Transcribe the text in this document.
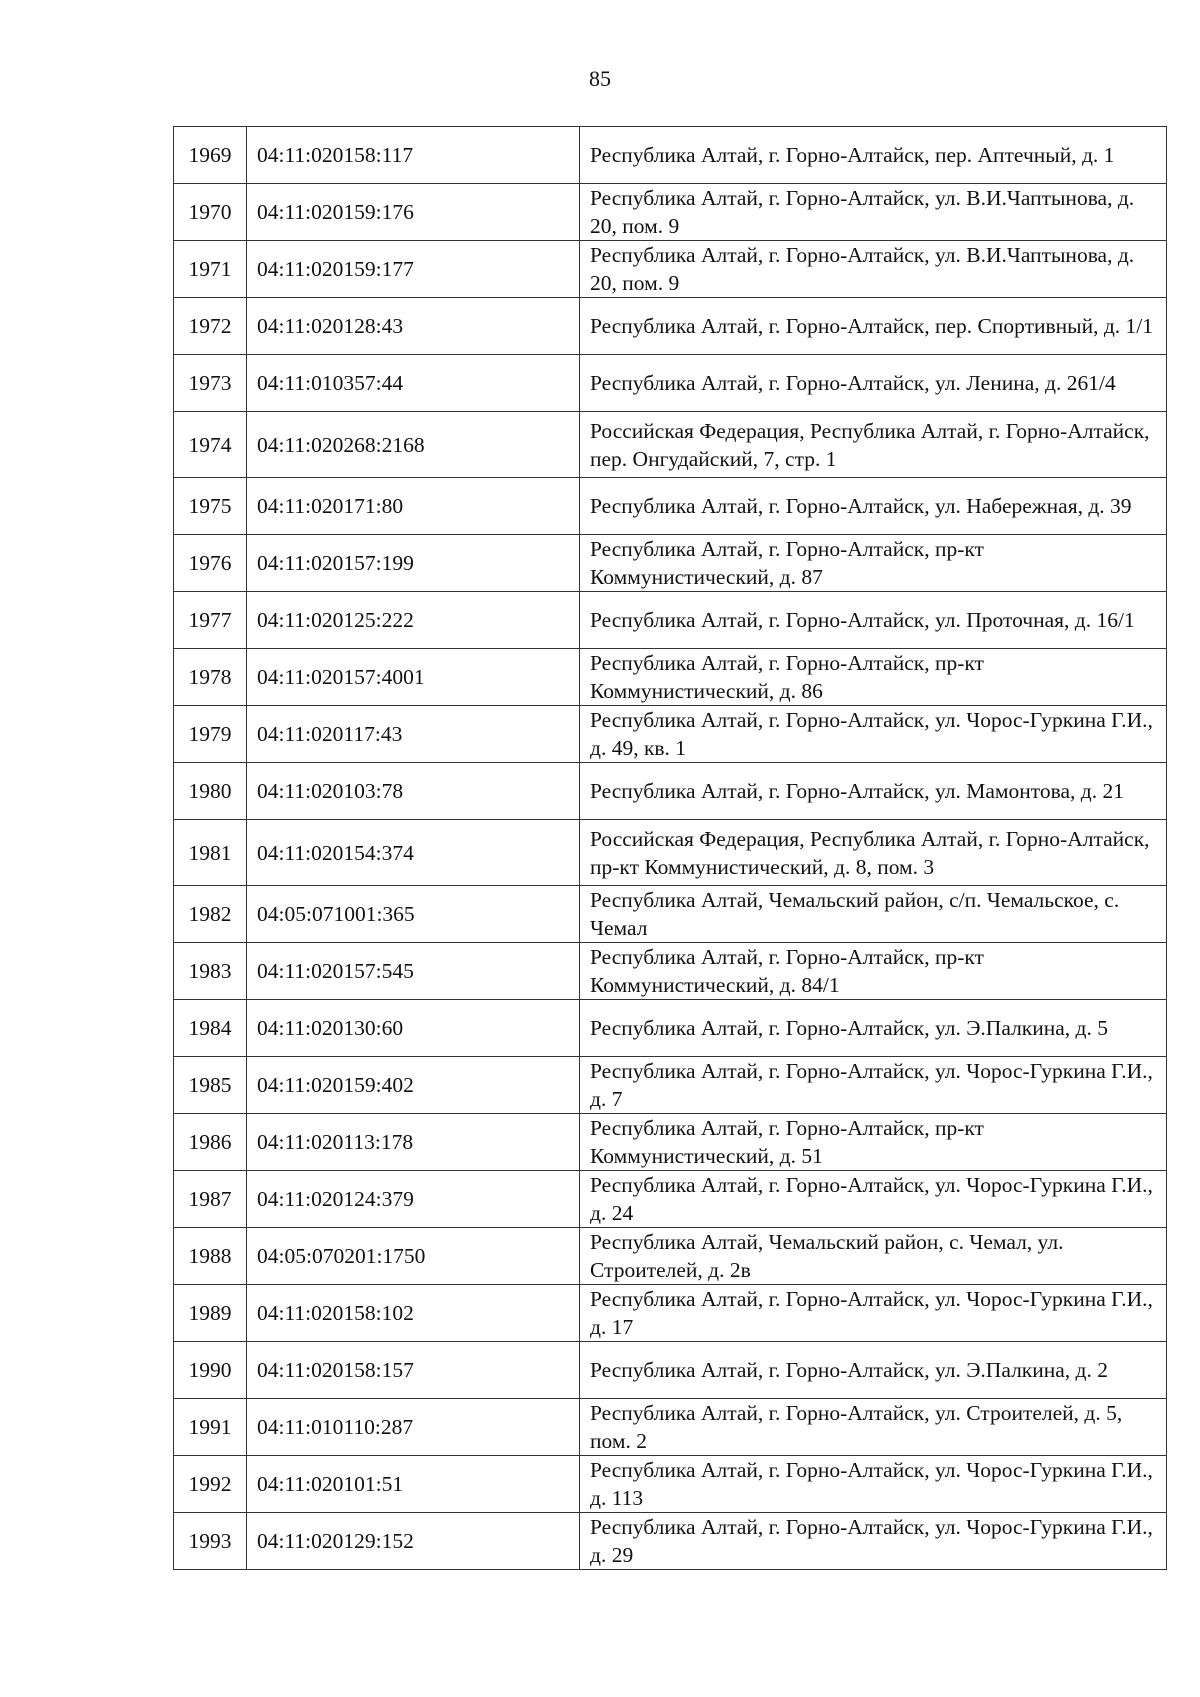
85
1969	04:11:020158:117	Республика Алтай, г. Горно-Алтайск, пер. Аптечный, д. 1
1970	04:11:020159:176	Республика Алтай, г. Горно-Алтайск, ул. В.И.Чаптынова, д. 20, пом. 9
1971	04:11:020159:177	Республика Алтай, г. Горно-Алтайск, ул. В.И.Чаптынова, д. 20, пом. 9
1972	04:11:020128:43	Республика Алтай, г. Горно-Алтайск, пер. Спортивный, д. 1/1
1973	04:11:010357:44	Республика Алтай, г. Горно-Алтайск, ул. Ленина, д. 261/4
1974	04:11:020268:2168	Российская Федерация, Республика Алтай, г. Горно-Алтайск, пер. Онгудайский, 7, стр. 1
1975	04:11:020171:80	Республика Алтай, г. Горно-Алтайск, ул. Набережная, д. 39
1976	04:11:020157:199	Республика Алтай, г. Горно-Алтайск, пр-кт Коммунистический, д. 87
1977	04:11:020125:222	Республика Алтай, г. Горно-Алтайск, ул. Проточная, д. 16/1
1978	04:11:020157:4001	Республика Алтай, г. Горно-Алтайск, пр-кт Коммунистический, д. 86
1979	04:11:020117:43	Республика Алтай, г. Горно-Алтайск, ул. Чорос-Гуркина Г.И., д. 49, кв. 1
1980	04:11:020103:78	Республика Алтай, г. Горно-Алтайск, ул. Мамонтова, д. 21
1981	04:11:020154:374	Российская Федерация, Республика Алтай, г. Горно-Алтайск, пр-кт Коммунистический, д. 8, пом. 3
1982	04:05:071001:365	Республика Алтай, Чемальский район, с/п. Чемальское, с. Чемал
1983	04:11:020157:545	Республика Алтай, г. Горно-Алтайск, пр-кт Коммунистический, д. 84/1
1984	04:11:020130:60	Республика Алтай, г. Горно-Алтайск, ул. Э.Палкина, д. 5
1985	04:11:020159:402	Республика Алтай, г. Горно-Алтайск, ул. Чорос-Гуркина Г.И., д. 7
1986	04:11:020113:178	Республика Алтай, г. Горно-Алтайск, пр-кт Коммунистический, д. 51
1987	04:11:020124:379	Республика Алтай, г. Горно-Алтайск, ул. Чорос-Гуркина Г.И., д. 24
1988	04:05:070201:1750	Республика Алтай, Чемальский район, с. Чемал, ул. Строителей, д. 2в
1989	04:11:020158:102	Республика Алтай, г. Горно-Алтайск, ул. Чорос-Гуркина Г.И., д. 17
1990	04:11:020158:157	Республика Алтай, г. Горно-Алтайск, ул. Э.Палкина, д. 2
1991	04:11:010110:287	Республика Алтай, г. Горно-Алтайск, ул. Строителей, д. 5, пом. 2
1992	04:11:020101:51	Республика Алтай, г. Горно-Алтайск, ул. Чорос-Гуркина Г.И., д. 113
1993	04:11:020129:152	Республика Алтай, г. Горно-Алтайск, ул. Чорос-Гуркина Г.И., д. 29
